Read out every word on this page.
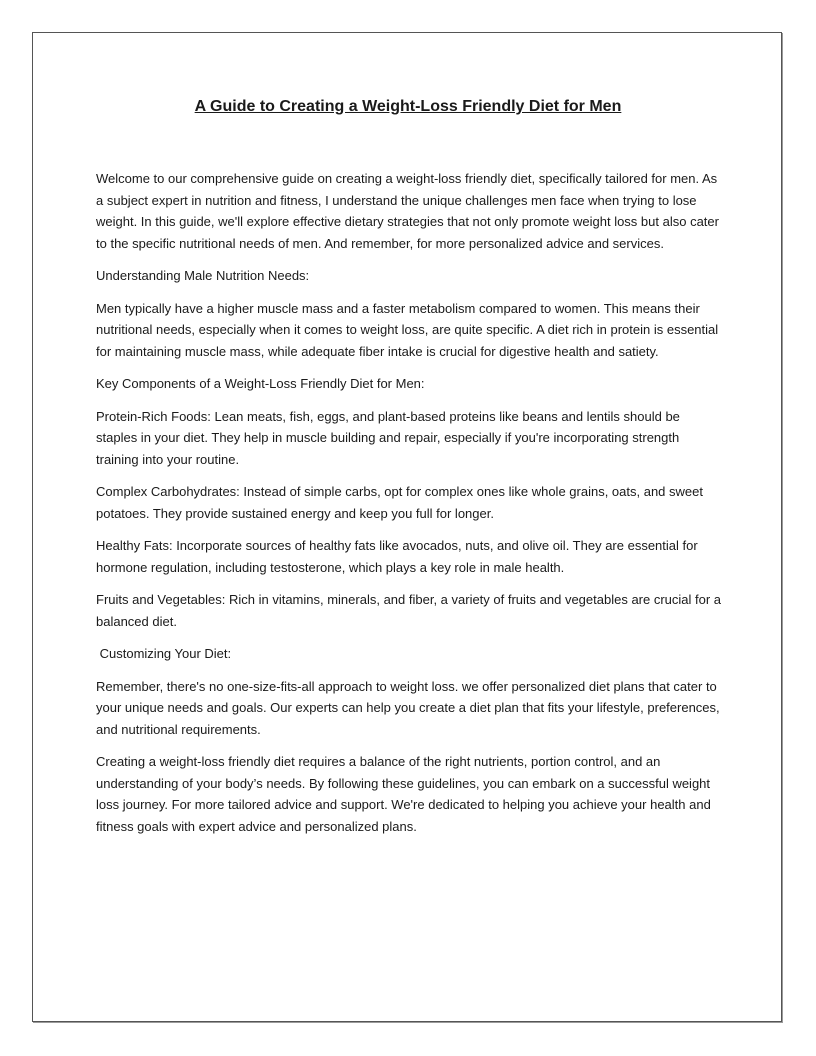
A Guide to Creating a Weight-Loss Friendly Diet for Men

Welcome to our comprehensive guide on creating a weight-loss friendly diet, specifically tailored for men. As a subject expert in nutrition and fitness, I understand the unique challenges men face when trying to lose weight. In this guide, we'll explore effective dietary strategies that not only promote weight loss but also cater to the specific nutritional needs of men. And remember, for more personalized advice and services.

Understanding Male Nutrition Needs:

Men typically have a higher muscle mass and a faster metabolism compared to women. This means their nutritional needs, especially when it comes to weight loss, are quite specific. A diet rich in protein is essential for maintaining muscle mass, while adequate fiber intake is crucial for digestive health and satiety.

Key Components of a Weight-Loss Friendly Diet for Men:

Protein-Rich Foods: Lean meats, fish, eggs, and plant-based proteins like beans and lentils should be staples in your diet. They help in muscle building and repair, especially if you're incorporating strength training into your routine.

Complex Carbohydrates: Instead of simple carbs, opt for complex ones like whole grains, oats, and sweet potatoes. They provide sustained energy and keep you full for longer.

Healthy Fats: Incorporate sources of healthy fats like avocados, nuts, and olive oil. They are essential for hormone regulation, including testosterone, which plays a key role in male health.

Fruits and Vegetables: Rich in vitamins, minerals, and fiber, a variety of fruits and vegetables are crucial for a balanced diet.

Customizing Your Diet:

Remember, there's no one-size-fits-all approach to weight loss. we offer personalized diet plans that cater to your unique needs and goals. Our experts can help you create a diet plan that fits your lifestyle, preferences, and nutritional requirements.

Creating a weight-loss friendly diet requires a balance of the right nutrients, portion control, and an understanding of your body’s needs. By following these guidelines, you can embark on a successful weight loss journey. For more tailored advice and support. We're dedicated to helping you achieve your health and fitness goals with expert advice and personalized plans.
